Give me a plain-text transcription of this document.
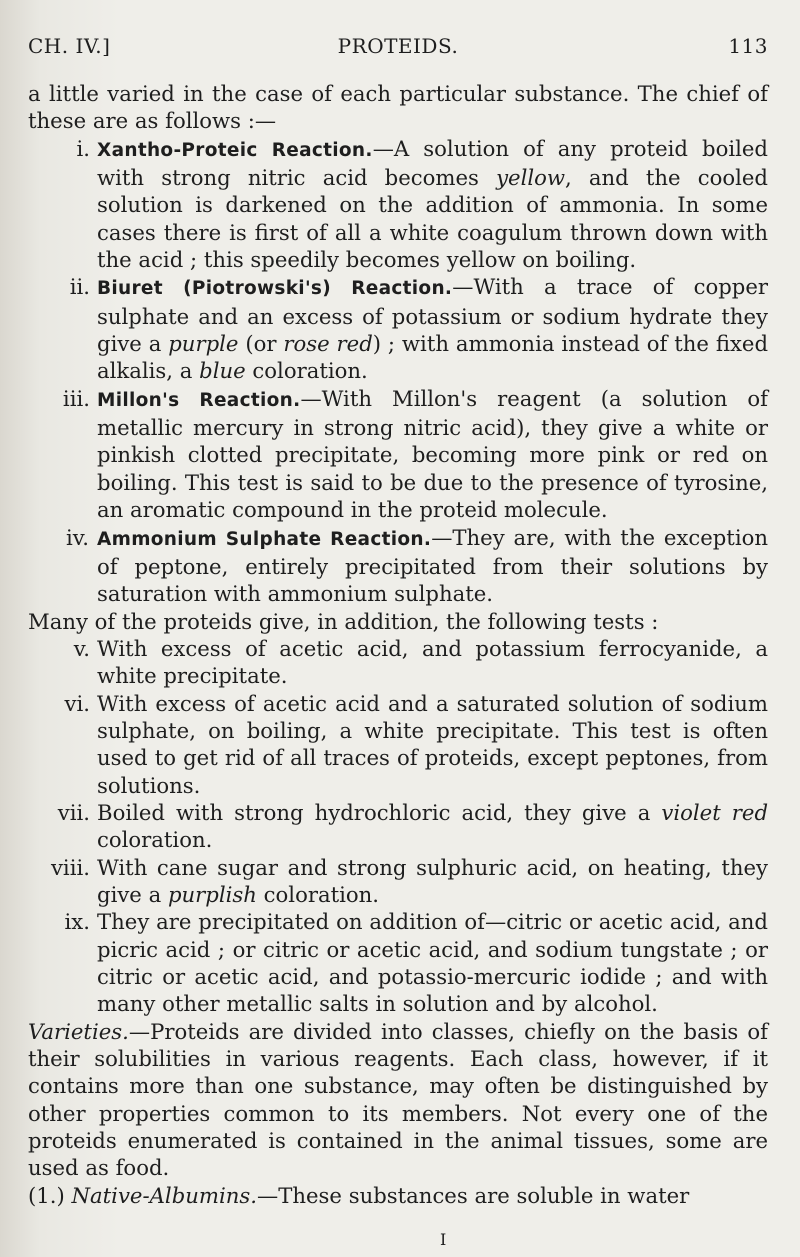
CH. IV.]	PROTEIDS.	113

a little varied in the case of each particular substance. The chief of these are as follows :—

i. Xantho-Proteic Reaction.—A solution of any proteid boiled with strong nitric acid becomes yellow, and the cooled solution is darkened on the addition of ammonia. In some cases there is first of all a white coagulum thrown down with the acid ; this speedily becomes yellow on boiling.

ii. Biuret (Piotrowski's) Reaction.—With a trace of copper sulphate and an excess of potassium or sodium hydrate they give a purple (or rose red) ; with ammonia instead of the fixed alkalis, a blue coloration.

iii. Millon's Reaction.—With Millon's reagent (a solution of metallic mercury in strong nitric acid), they give a white or pinkish clotted precipitate, becoming more pink or red on boiling. This test is said to be due to the presence of tyrosine, an aromatic compound in the proteid molecule.

iv. Ammonium Sulphate Reaction.—They are, with the exception of peptone, entirely precipitated from their solutions by saturation with ammonium sulphate.

Many of the proteids give, in addition, the following tests :

v. With excess of acetic acid, and potassium ferrocyanide, a white precipitate.

vi. With excess of acetic acid and a saturated solution of sodium sulphate, on boiling, a white precipitate. This test is often used to get rid of all traces of proteids, except peptones, from solutions.

vii. Boiled with strong hydrochloric acid, they give a violet red coloration.

viii. With cane sugar and strong sulphuric acid, on heating, they give a purplish coloration.

ix. They are precipitated on addition of—citric or acetic acid, and picric acid ; or citric or acetic acid, and sodium tungstate ; or citric or acetic acid, and potassio-mercuric iodide ; and with many other metallic salts in solution and by alcohol.

Varieties.—Proteids are divided into classes, chiefly on the basis of their solubilities in various reagents. Each class, however, if it contains more than one substance, may often be distinguished by other properties common to its members. Not every one of the proteids enumerated is contained in the animal tissues, some are used as food.

(1.) Native-Albumins.—These substances are soluble in water

I
